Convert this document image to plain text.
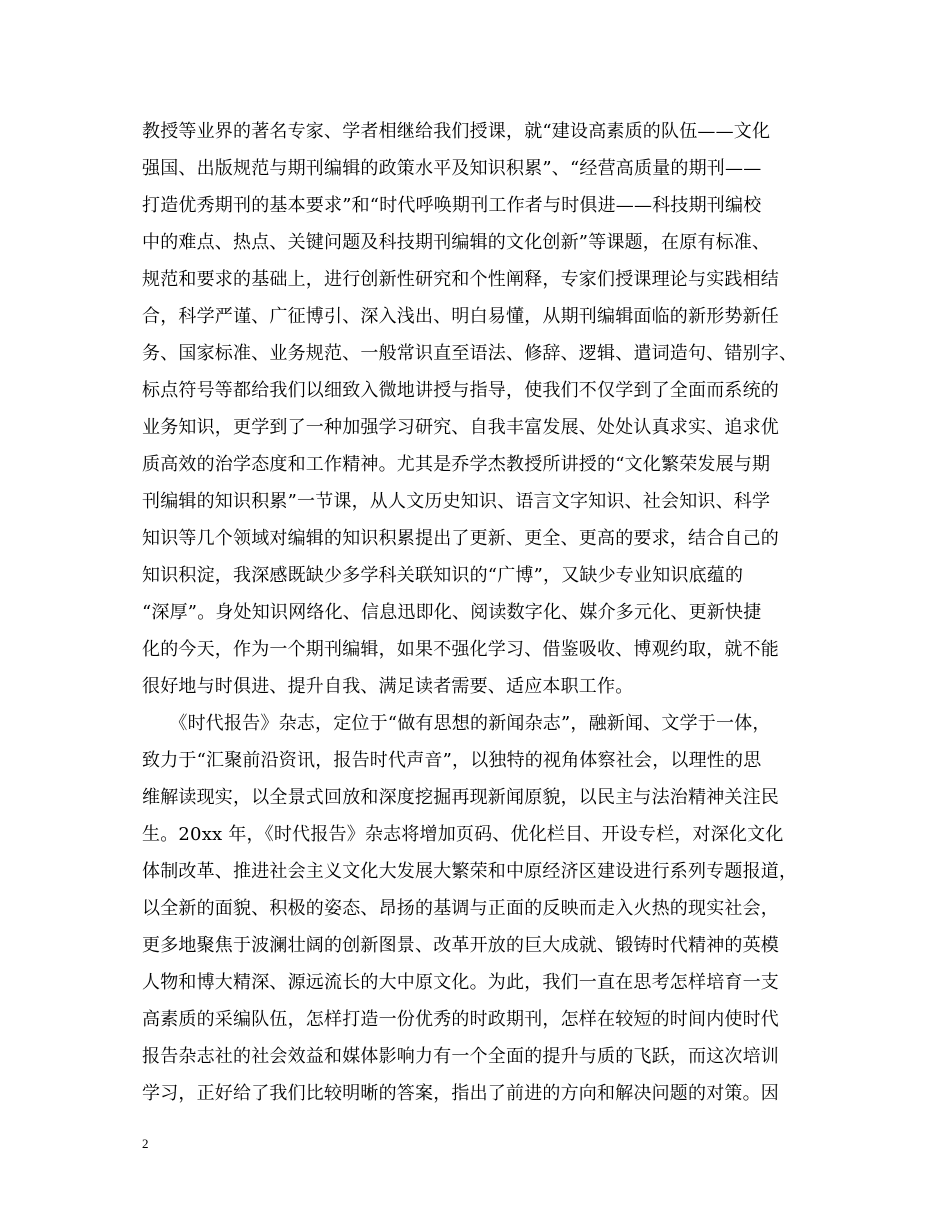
教授等业界的著名专家、学者相继给我们授课，就“建设高素质的队伍——文化
强国、出版规范与期刊编辑的政策水平及知识积累”、“经营高质量的期刊——
打造优秀期刊的基本要求”和“时代呼唤期刊工作者与时俱进——科技期刊编校
中的难点、热点、关键问题及科技期刊编辑的文化创新”等课题，在原有标准、
规范和要求的基础上，进行创新性研究和个性阐释，专家们授课理论与实践相结
合，科学严谨、广征博引、深入浅出、明白易懂，从期刊编辑面临的新形势新任
务、国家标准、业务规范、一般常识直至语法、修辞、逻辑、遣词造句、错别字、
标点符号等都给我们以细致入微地讲授与指导，使我们不仅学到了全面而系统的
业务知识，更学到了一种加强学习研究、自我丰富发展、处处认真求实、追求优
质高效的治学态度和工作精神。尤其是乔学杰教授所讲授的“文化繁荣发展与期
刊编辑的知识积累”一节课，从人文历史知识、语言文字知识、社会知识、科学
知识等几个领域对编辑的知识积累提出了更新、更全、更高的要求，结合自己的
知识积淀，我深感既缺少多学科关联知识的“广博”，又缺少专业知识底蕴的
“深厚”。身处知识网络化、信息迅即化、阅读数字化、媒介多元化、更新快捷
化的今天，作为一个期刊编辑，如果不强化学习、借鉴吸收、博观约取，就不能
很好地与时俱进、提升自我、满足读者需要、适应本职工作。
　　《时代报告》杂志，定位于“做有思想的新闻杂志”，融新闻、文学于一体，
致力于“汇聚前沿资讯，报告时代声音”，以独特的视角体察社会，以理性的思
维解读现实，以全景式回放和深度挖掘再现新闻原貌，以民主与法治精神关注民
生。20xx 年，《时代报告》杂志将增加页码、优化栏目、开设专栏，对深化文化
体制改革、推进社会主义文化大发展大繁荣和中原经济区建设进行系列专题报道，
以全新的面貌、积极的姿态、昂扬的基调与正面的反映而走入火热的现实社会，
更多地聚焦于波澜壮阔的创新图景、改革开放的巨大成就、锻铸时代精神的英模
人物和博大精深、源远流长的大中原文化。为此，我们一直在思考怎样培育一支
高素质的采编队伍，怎样打造一份优秀的时政期刊，怎样在较短的时间内使时代
报告杂志社的社会效益和媒体影响力有一个全面的提升与质的飞跃，而这次培训
学习，正好给了我们比较明晰的答案，指出了前进的方向和解决问题的对策。因
2
